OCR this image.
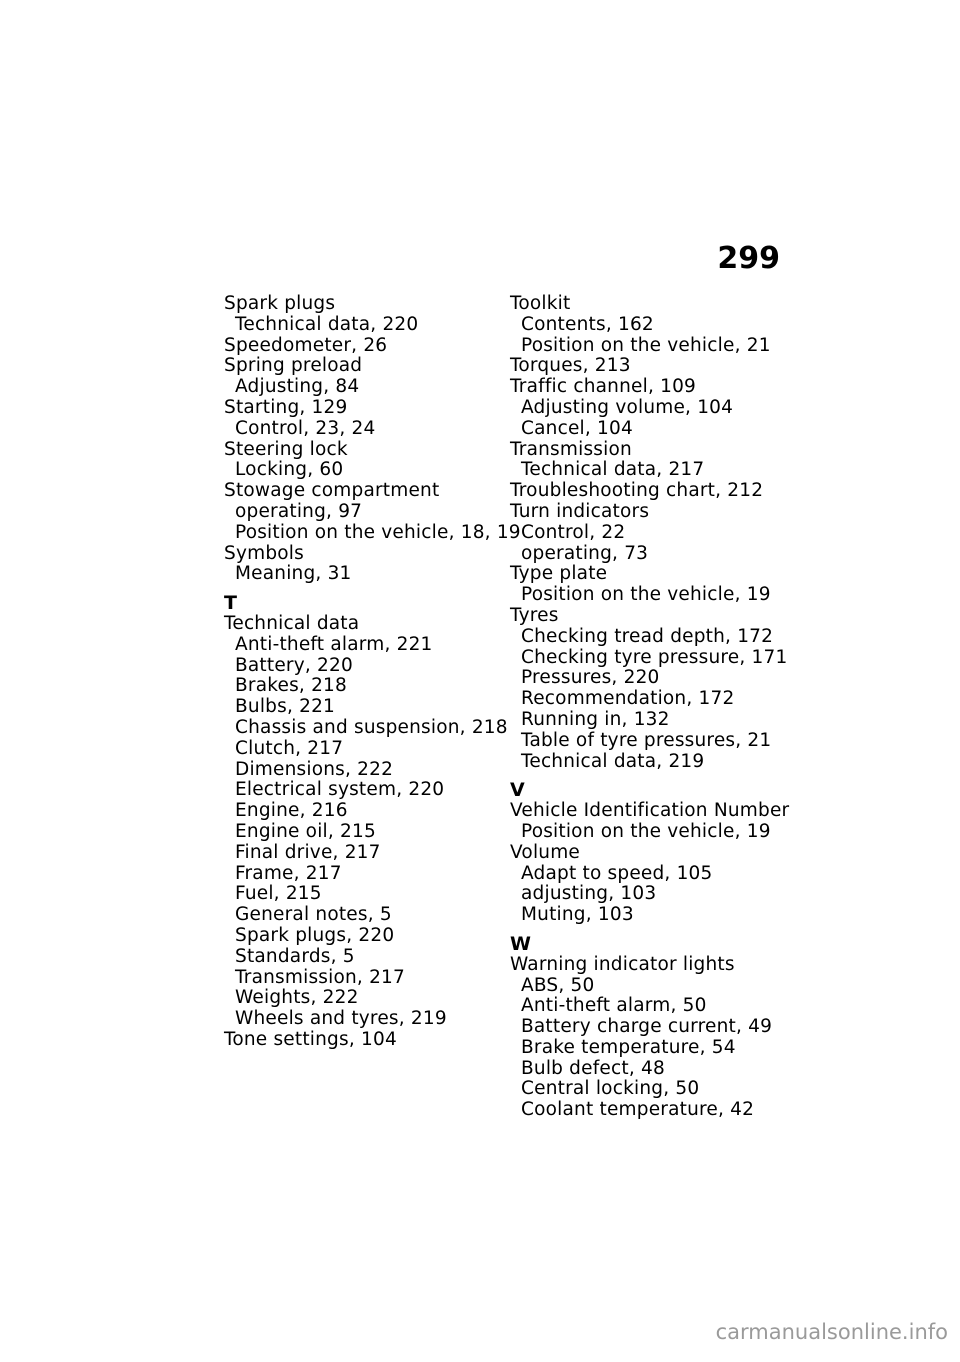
299
Spark plugs
Technical data, 220
Speedometer, 26
Spring preload
Adjusting, 84
Starting, 129
Control, 23, 24
Steering lock
Locking, 60
Stowage compartment
operating, 97
Position on the vehicle, 18, 19
Symbols
Meaning, 31
T
Technical data
Anti-theft alarm, 221
Battery, 220
Brakes, 218
Bulbs, 221
Chassis and suspension, 218
Clutch, 217
Dimensions, 222
Electrical system, 220
Engine, 216
Engine oil, 215
Final drive, 217
Frame, 217
Fuel, 215
General notes, 5
Spark plugs, 220
Standards, 5
Transmission, 217
Weights, 222
Wheels and tyres, 219
Tone settings, 104
Toolkit
Contents, 162
Position on the vehicle, 21
Torques, 213
Traffic channel, 109
Adjusting volume, 104
Cancel, 104
Transmission
Technical data, 217
Troubleshooting chart, 212
Turn indicators
Control, 22
operating, 73
Type plate
Position on the vehicle, 19
Tyres
Checking tread depth, 172
Checking tyre pressure, 171
Pressures, 220
Recommendation, 172
Running in, 132
Table of tyre pressures, 21
Technical data, 219
V
Vehicle Identification Number
Position on the vehicle, 19
Volume
Adapt to speed, 105
adjusting, 103
Muting, 103
W
Warning indicator lights
ABS, 50
Anti-theft alarm, 50
Battery charge current, 49
Brake temperature, 54
Bulb defect, 48
Central locking, 50
Coolant temperature, 42
carmanualsonline.info
